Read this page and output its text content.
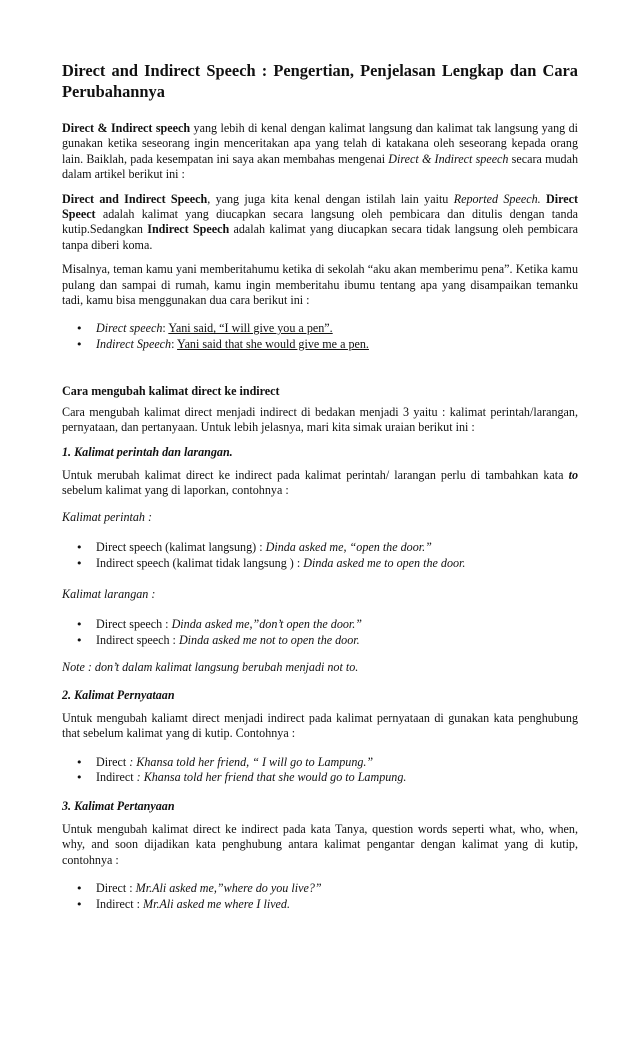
Direct and Indirect Speech : Pengertian, Penjelasan Lengkap dan Cara Perubahannya

Direct & Indirect speech yang lebih di kenal dengan kalimat langsung dan kalimat tak langsung yang di gunakan ketika seseorang ingin menceritakan apa yang telah di katakana oleh seseorang kepada orang lain. Baiklah, pada kesempatan ini saya akan membahas mengenai Direct & Indirect speech secara mudah dalam artikel berikut ini :

Direct and Indirect Speech, yang juga kita kenal dengan istilah lain yaitu Reported Speech. Direct Speect adalah kalimat yang diucapkan secara langsung oleh pembicara dan ditulis dengan tanda kutip.Sedangkan Indirect Speech adalah kalimat yang diucapkan secara tidak langsung oleh pembicara tanpa diberi koma.

Misalnya, teman kamu yani memberitahumu ketika di sekolah “aku akan memberimu pena”. Ketika kamu pulang dan sampai di rumah, kamu ingin memberitahu ibumu tentang apa yang disampaikan temanku tadi, kamu bisa menggunakan dua cara berikut ini :

• Direct speech: Yani said, “I will give you a pen”.
• Indirect Speech: Yani said that she would give me a pen.
Cara mengubah kalimat direct ke indirect

Cara mengubah kalimat direct menjadi indirect di bedakan menjadi 3 yaitu : kalimat perintah/larangan, pernyataan, dan pertanyaan. Untuk lebih jelasnya, mari kita simak uraian berikut ini :

1. Kalimat perintah dan larangan.

Untuk merubah kalimat direct ke indirect pada kalimat perintah/ larangan perlu di tambahkan kata to sebelum kalimat yang di laporkan, contohnya :

Kalimat perintah :

• Direct speech (kalimat langsung) : Dinda asked me, “open the door.”
• Indirect speech (kalimat tidak langsung ) : Dinda asked me to open the door.

Kalimat larangan :

• Direct speech : Dinda asked me,”don’t open the door.”
• Indirect speech : Dinda asked me not to open the door.

Note : don’t dalam kalimat langsung berubah menjadi not to.

2. Kalimat Pernyataan

Untuk mengubah kaliamt direct menjadi indirect pada kalimat pernyataan di gunakan kata penghubung that sebelum kalimat yang di kutip. Contohnya :

• Direct : Khansa told her friend, “ I will go to Lampung.”
• Indirect : Khansa told her friend that she would go to Lampung.
3. Kalimat Pertanyaan

Untuk mengubah kalimat direct ke indirect pada kata Tanya, question words seperti what, who, when, why, and soon dijadikan kata penghubung antara kalimat pengantar dengan kalimat yang di kutip, contohnya :

• Direct : Mr.Ali asked me,”where do you live?”
• Indirect : Mr.Ali asked me where I lived.
